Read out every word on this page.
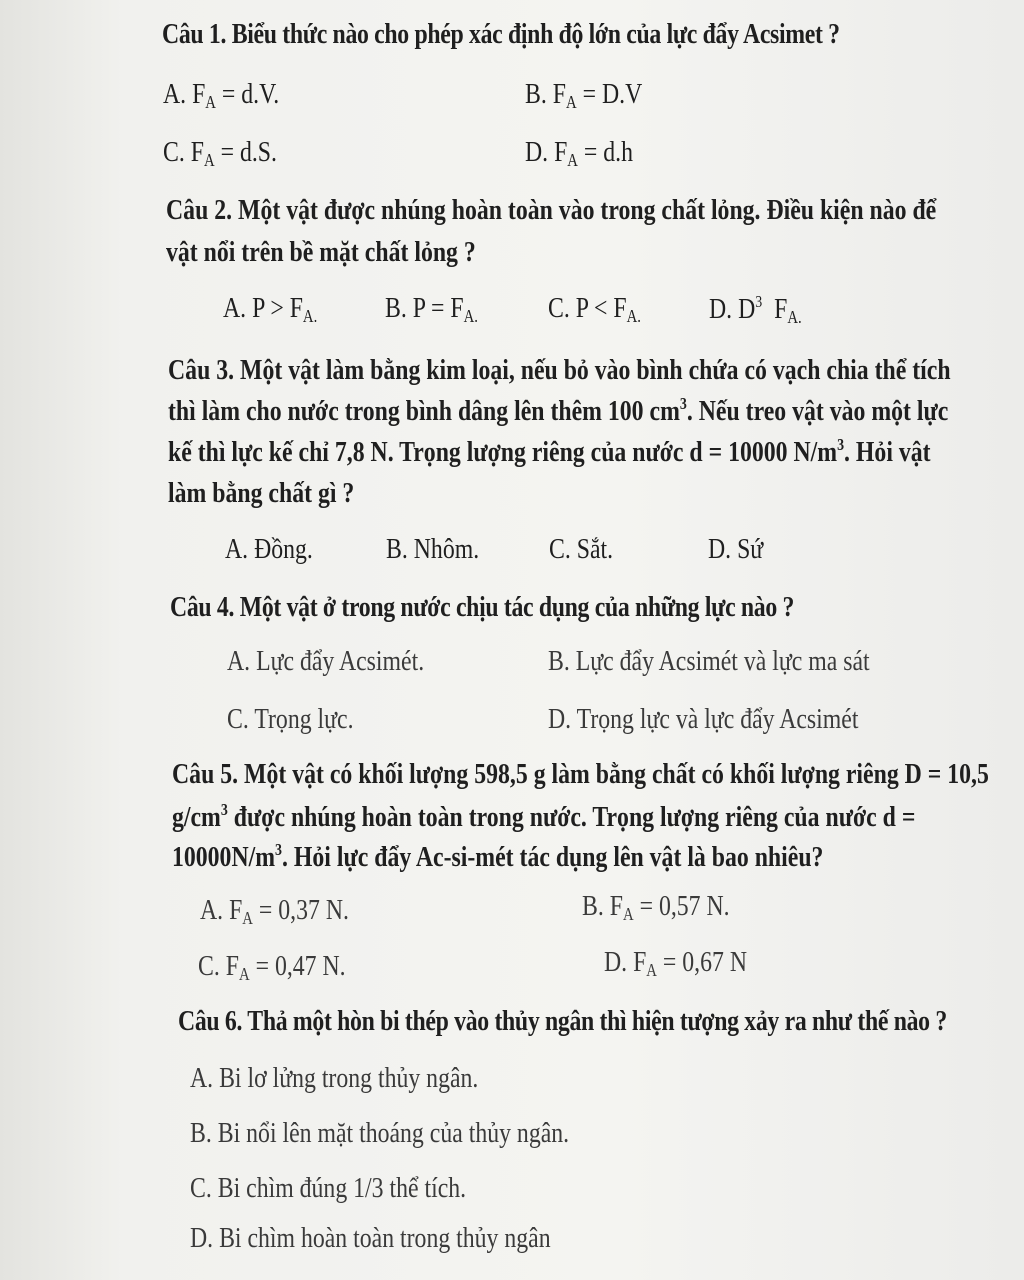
Câu 1. Biểu thức nào cho phép xác định độ lớn của lực đẩy Acsimet ?
A. $F_A = d.V$.	B. $F_A = D.V$
C. $F_A = d.S$.	D. $F_A = d.h$
Câu 2. Một vật được nhúng hoàn toàn vào trong chất lỏng. Điều kiện nào để
vật nổi trên bề mặt chất lỏng ?
A. $P > F_{A.}$ B. $P = F_{A.}$ C. $P < F_{A.}$ D. $D^3$  $F_{A.}$
Câu 3. Một vật làm bằng kim loại, nếu bỏ vào bình chứa có vạch chia thể tích
thì làm cho nước trong bình dâng lên thêm 100 $cm^3$. Nếu treo vật vào một lực
kế thì lực kế chỉ 7,8 N. Trọng lượng riêng của nước d = 10000 $N/m^3$. Hỏi vật
làm bằng chất gì ?
A. Đồng.	B. Nhôm. C. Sắt.	D. Sứ
Câu 4. Một vật ở trong nước chịu tác dụng của những lực nào ?
A. Lực đẩy Acsimét.	B. Lực đẩy Acsimét và lực ma sát
C. Trọng lực.	D. Trọng lực và lực đẩy Acsimét
Câu 5. Một vật có khối lượng 598,5 g làm bằng chất có khối lượng riêng D = 10,5
$g/cm^3$ được nhúng hoàn toàn trong nước. Trọng lượng riêng của nước d =
$10000N/m^3$. Hỏi lực đẩy Ac-si-mét tác dụng lên vật là bao nhiêu?
A. $F_A = 0,37$ N.	B. $F_A = 0,57$ N.
C. $F_A = 0,47$ N.	D. $F_A = 0,67$ N
Câu 6. Thả một hòn bi thép vào thủy ngân thì hiện tượng xảy ra như thế nào ?
A. Bi lơ lửng trong thủy ngân.
B. Bi nổi lên mặt thoáng của thủy ngân.
C. Bi chìm đúng 1/3 thể tích.
D. Bi chìm hoàn toàn trong thủy ngân
